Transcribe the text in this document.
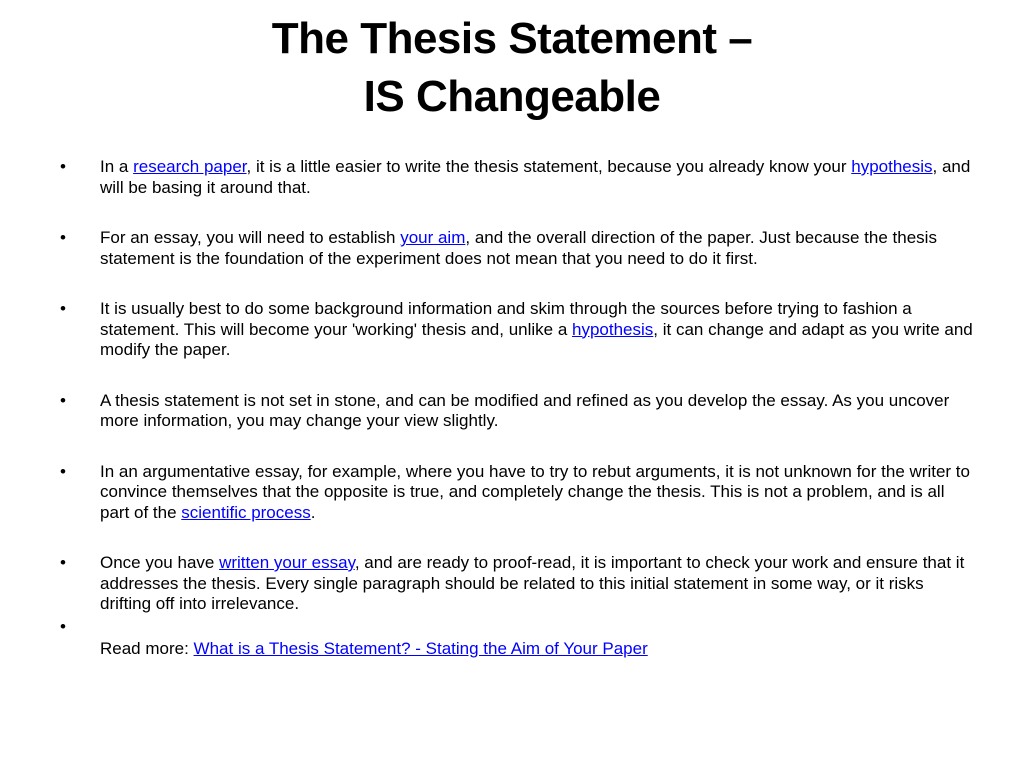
The Thesis Statement –
IS Changeable
• In a research paper, it is a little easier to write the thesis statement, because you already know your hypothesis, and will be basing it around that.
• For an essay, you will need to establish your aim, and the overall direction of the paper. Just because the thesis statement is the foundation of the experiment does not mean that you need to do it first.
• It is usually best to do some background information and skim through the sources before trying to fashion a statement. This will become your 'working' thesis and, unlike a hypothesis, it can change and adapt as you write and modify the paper.
• A thesis statement is not set in stone, and can be modified and refined as you develop the essay. As you uncover more information, you may change your view slightly.
• In an argumentative essay, for example, where you have to try to rebut arguments, it is not unknown for the writer to convince themselves that the opposite is true, and completely change the thesis. This is not a problem, and is all part of the scientific process.
• Once you have written your essay, and are ready to proof-read, it is important to check your work and ensure that it addresses the thesis. Every single paragraph should be related to this initial statement in some way, or it risks drifting off into irrelevance.
•
Read more: What is a Thesis Statement? - Stating the Aim of Your Paper
